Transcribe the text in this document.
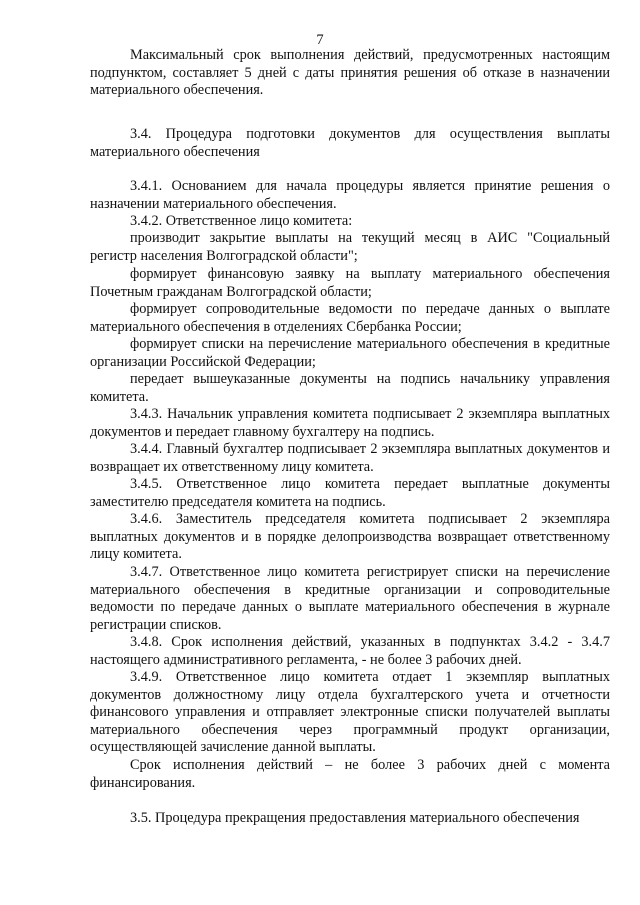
7

Максимальный срок выполнения действий, предусмотренных настоящим подпунктом, составляет 5 дней с даты принятия решения об отказе в назначении материального обеспечения.

3.4. Процедура подготовки документов для осуществления выплаты материального обеспечения

3.4.1. Основанием для начала процедуры является принятие решения о назначении материального обеспечения.

3.4.2. Ответственное лицо комитета:

производит закрытие выплаты на текущий месяц в АИС "Социальный регистр населения Волгоградской области";

формирует финансовую заявку на выплату материального обеспечения Почетным гражданам Волгоградской области;

формирует сопроводительные ведомости по передаче данных о выплате материального обеспечения в отделениях Сбербанка России;

формирует списки на перечисление материального обеспечения в кредитные организации Российской Федерации;

передает вышеуказанные документы на подпись начальнику управления комитета.

3.4.3. Начальник управления комитета подписывает 2 экземпляра выплатных документов и передает главному бухгалтеру на подпись.

3.4.4. Главный бухгалтер подписывает 2 экземпляра выплатных документов и возвращает их ответственному лицу комитета.

3.4.5. Ответственное лицо комитета передает выплатные документы заместителю председателя комитета на подпись.

3.4.6. Заместитель председателя комитета подписывает 2 экземпляра выплатных документов и в порядке делопроизводства возвращает ответственному лицу комитета.

3.4.7. Ответственное лицо комитета регистрирует списки на перечисление материального обеспечения в кредитные организации и сопроводительные ведомости по передаче данных о выплате материального обеспечения в журнале регистрации списков.

3.4.8. Срок исполнения действий, указанных в подпунктах 3.4.2 - 3.4.7 настоящего административного регламента, - не более 3 рабочих дней.

3.4.9. Ответственное лицо комитета отдает 1 экземпляр выплатных документов должностному лицу отдела бухгалтерского учета и отчетности финансового управления и отправляет электронные списки получателей выплаты материального обеспечения через программный продукт организации, осуществляющей зачисление данной выплаты.

Срок исполнения действий – не более 3 рабочих дней с момента финансирования.

3.5. Процедура прекращения предоставления материального обеспечения
